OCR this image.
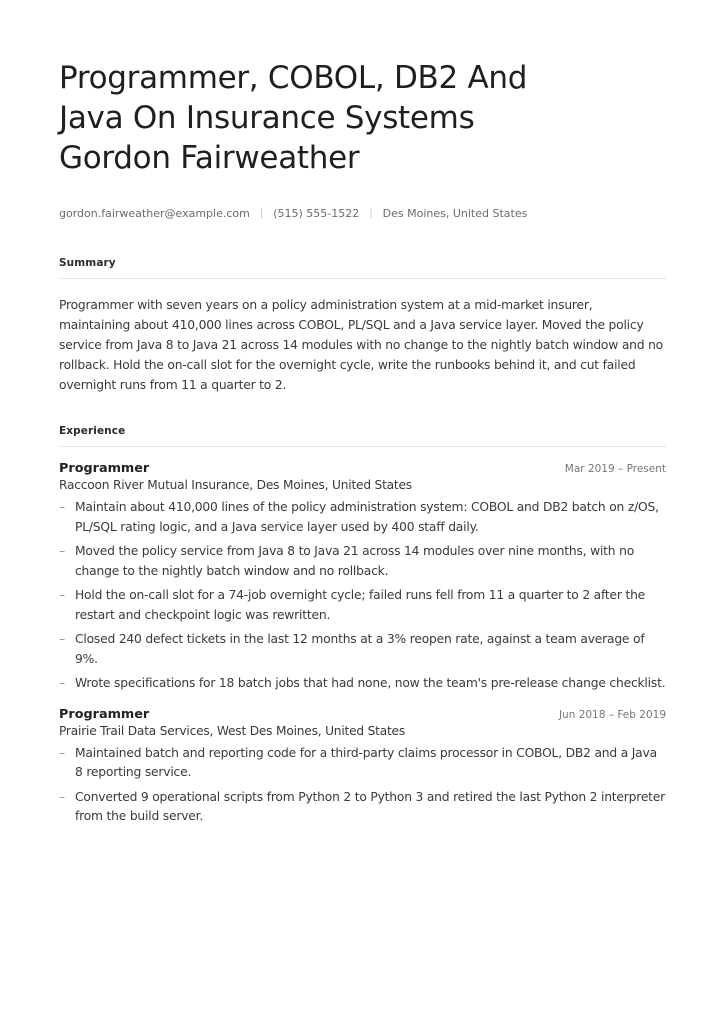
Programmer, COBOL, DB2 And
Java On Insurance Systems
Gordon Fairweather
gordon.fairweather@example.com | (515) 555-1522 | Des Moines, United States
Summary

Programmer with seven years on a policy administration system at a mid-market insurer, maintaining about 410,000 lines across COBOL, PL/SQL and a Java service layer. Moved the policy service from Java 8 to Java 21 across 14 modules with no change to the nightly batch window and no rollback. Hold the on-call slot for the overnight cycle, write the runbooks behind it, and cut failed overnight runs from 11 a quarter to 2.

Experience
Programmer	Mar 2019 – Present
Raccoon River Mutual Insurance, Des Moines, United States
– Maintain about 410,000 lines of the policy administration system: COBOL and DB2 batch on z/OS, PL/SQL rating logic, and a Java service layer used by 400 staff daily.
– Moved the policy service from Java 8 to Java 21 across 14 modules over nine months, with no change to the nightly batch window and no rollback.
– Hold the on-call slot for a 74-job overnight cycle; failed runs fell from 11 a quarter to 2 after the restart and checkpoint logic was rewritten.
– Closed 240 defect tickets in the last 12 months at a 3% reopen rate, against a team average of 9%.
– Wrote specifications for 18 batch jobs that had none, now the team's pre-release change checklist.
Programmer	Jun 2018 – Feb 2019
Prairie Trail Data Services, West Des Moines, United States
– Maintained batch and reporting code for a third-party claims processor in COBOL, DB2 and a Java 8 reporting service.
– Converted 9 operational scripts from Python 2 to Python 3 and retired the last Python 2 interpreter from the build server.
